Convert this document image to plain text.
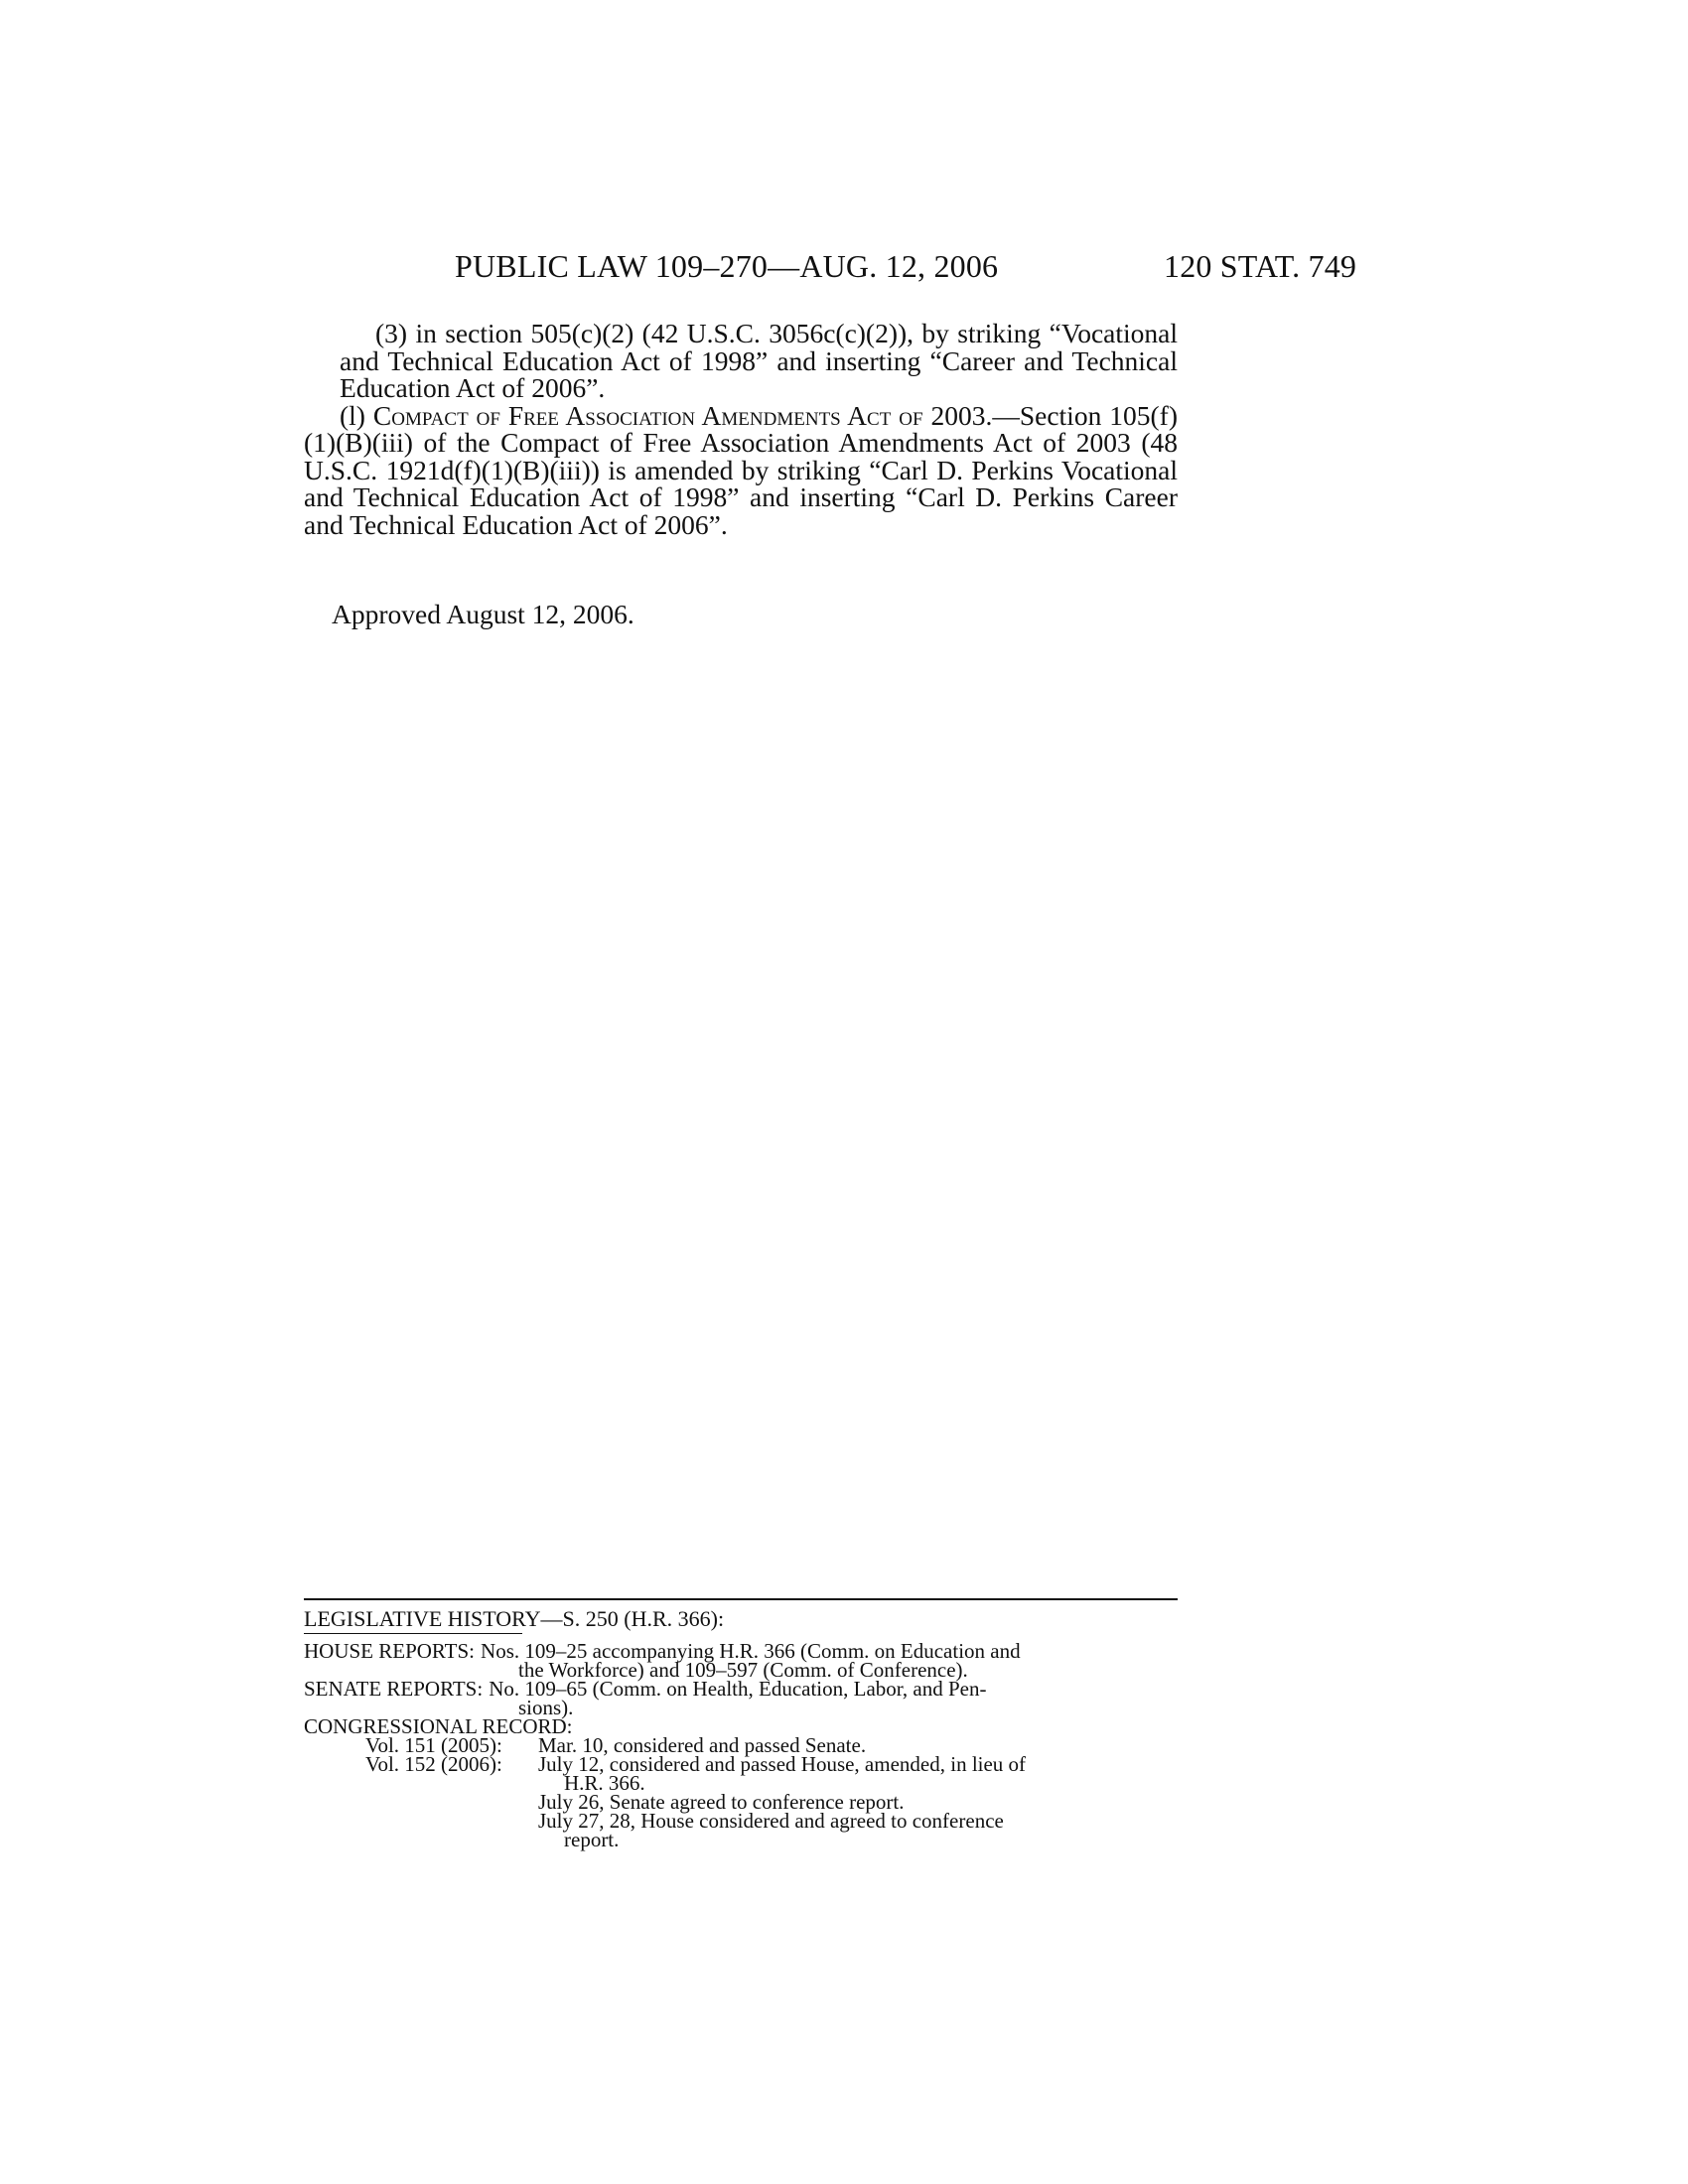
PUBLIC LAW 109–270—AUG. 12, 2006	120 STAT. 749

(3) in section 505(c)(2) (42 U.S.C. 3056c(c)(2)), by striking “Vocational and Technical Education Act of 1998” and inserting “Career and Technical Education Act of 2006”.

(l) Compact of Free Association Amendments Act of 2003.—Section 105(f)(1)(B)(iii) of the Compact of Free Association Amendments Act of 2003 (48 U.S.C. 1921d(f)(1)(B)(iii)) is amended by striking “Carl D. Perkins Vocational and Technical Education Act of 1998” and inserting “Carl D. Perkins Career and Technical Education Act of 2006”.

Approved August 12, 2006.
LEGISLATIVE HISTORY—S. 250 (H.R. 366):
HOUSE REPORTS: Nos. 109–25 accompanying H.R. 366 (Comm. on Education and
the Workforce) and 109–597 (Comm. of Conference).
SENATE REPORTS: No. 109–65 (Comm. on Health, Education, Labor, and Pen-
sions).
CONGRESSIONAL RECORD:
Vol. 151 (2005):	Mar. 10, considered and passed Senate.
Vol. 152 (2006):	July 12, considered and passed House, amended, in lieu of
H.R. 366.
July 26, Senate agreed to conference report.
July 27, 28, House considered and agreed to conference
report.
